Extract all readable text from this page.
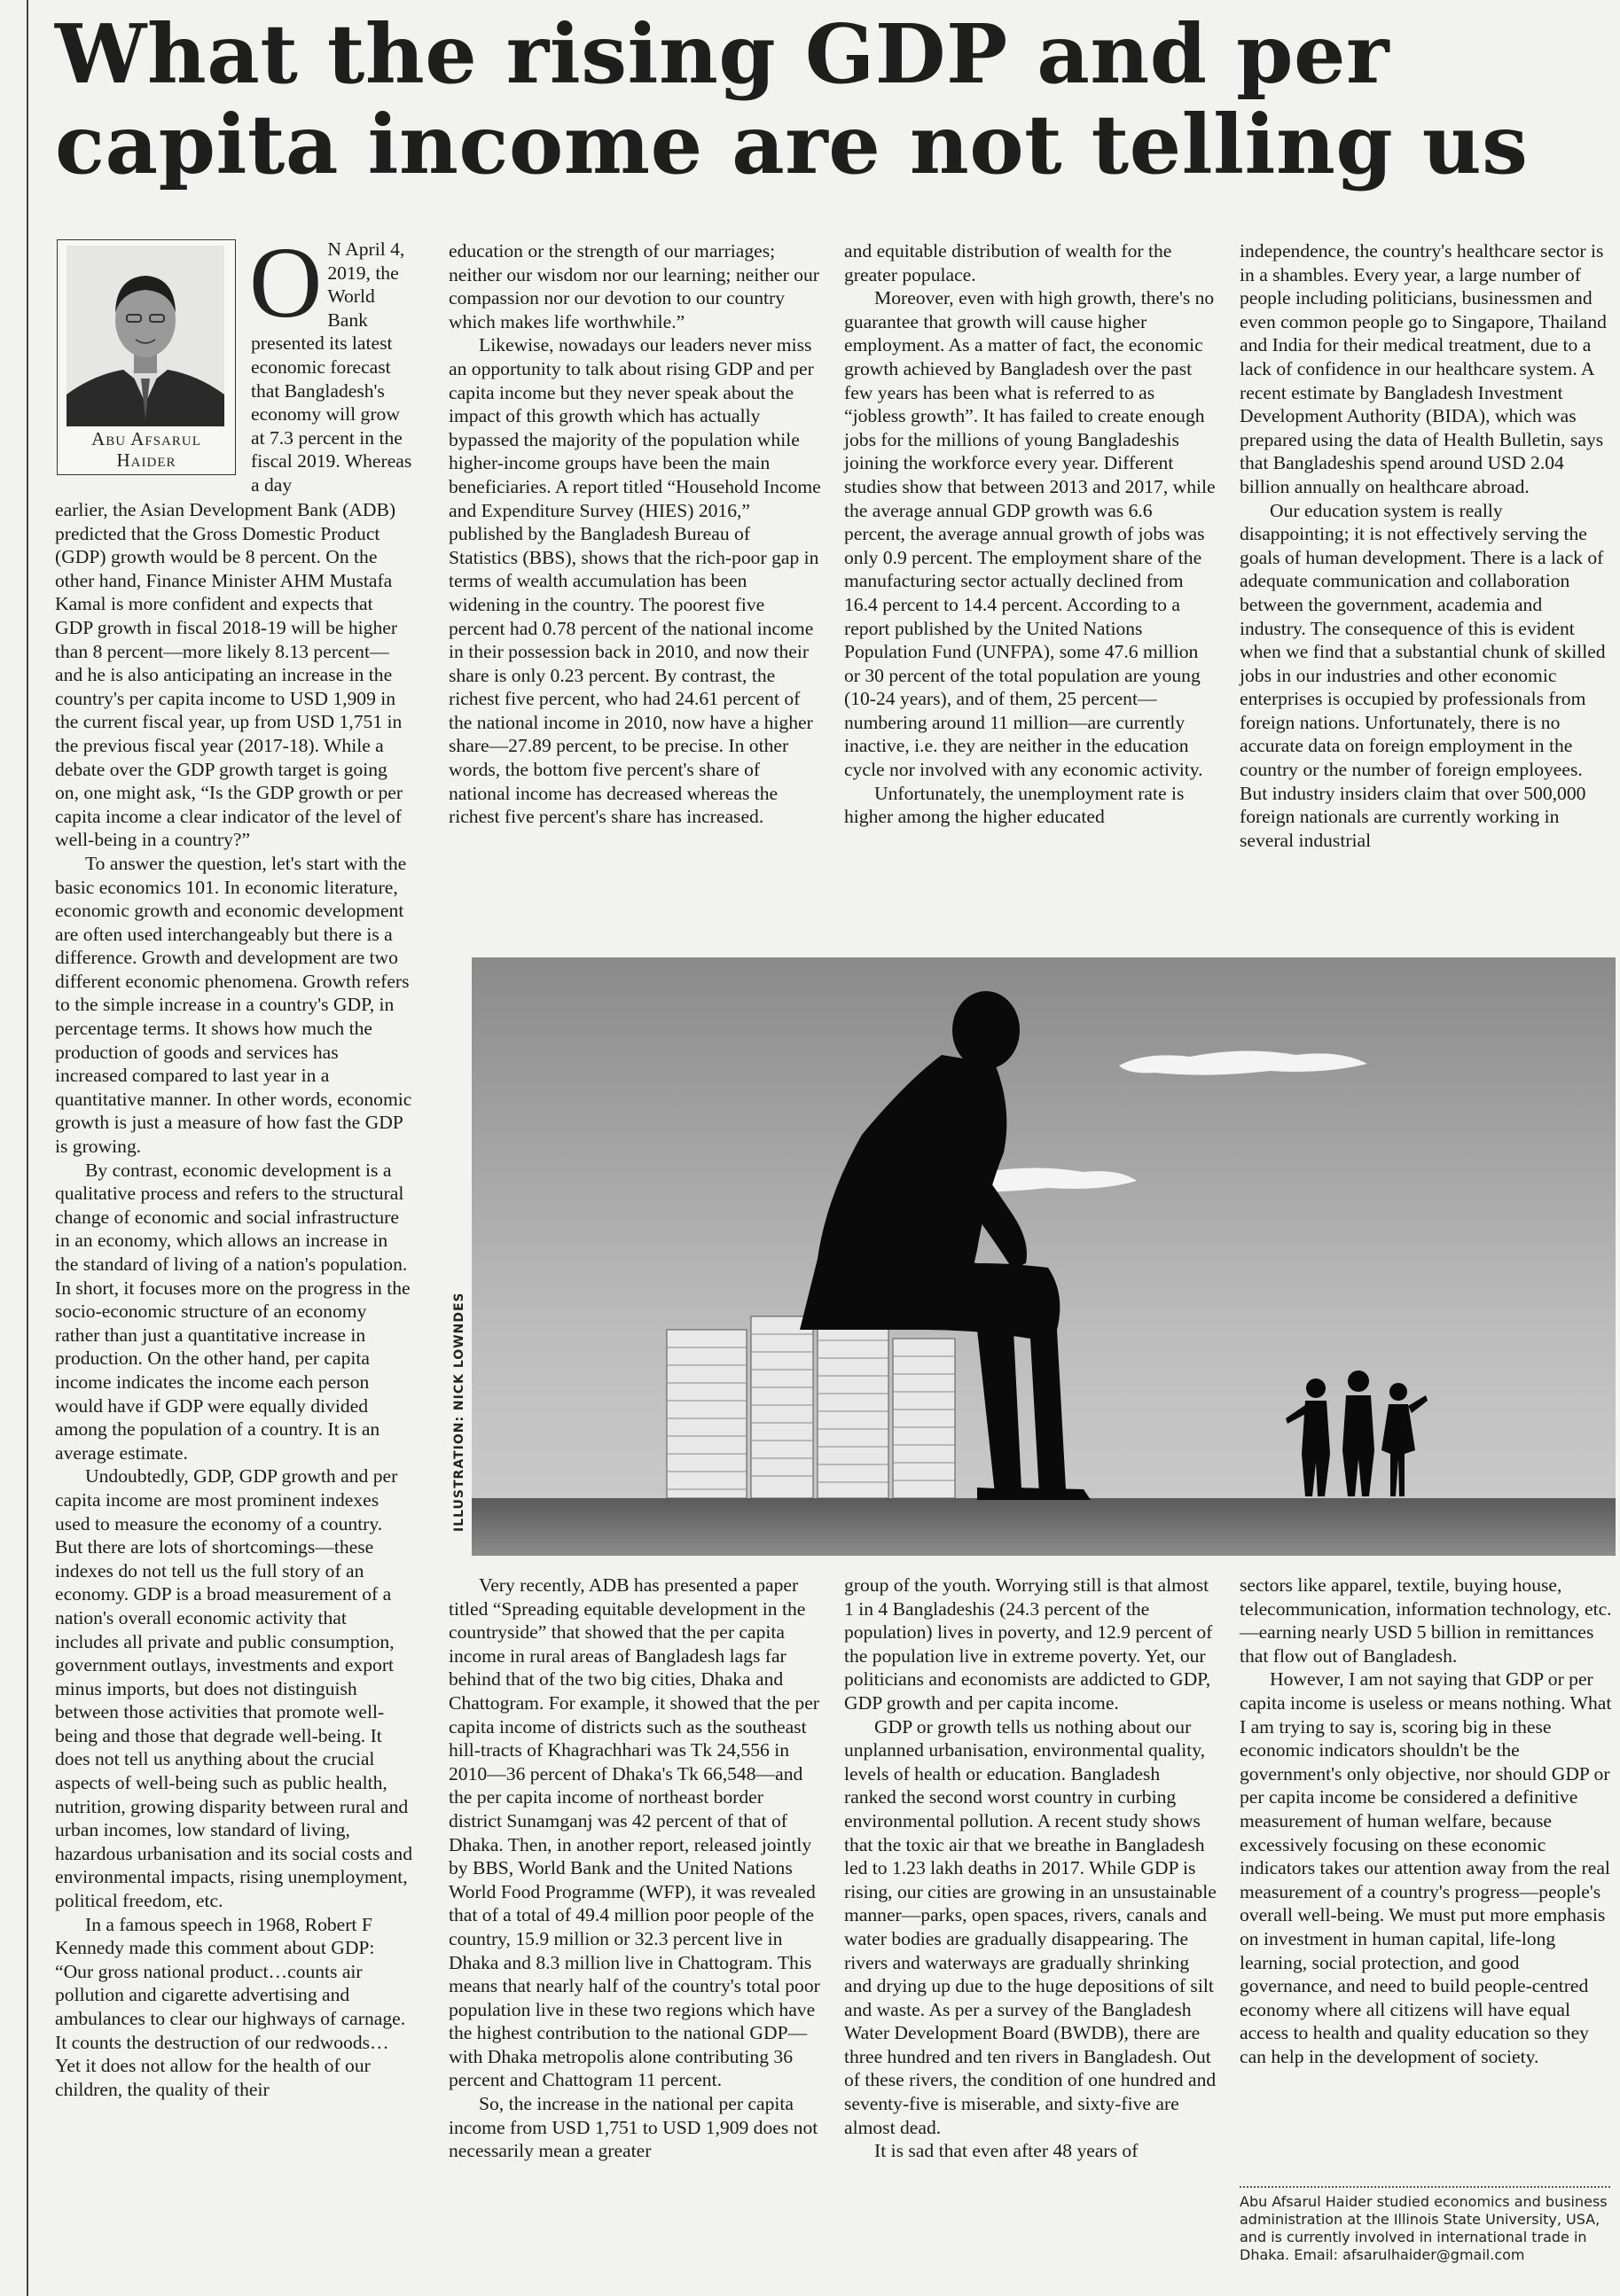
What the rising GDP and per capita income are not telling us
Abu Afsarul
Haider
O N April 4, 2019, the World Bank presented its latest economic forecast that Bangladesh's economy will grow at 7.3 percent in the fiscal 2019. Whereas a day

earlier, the Asian Development Bank (ADB) predicted that the Gross Domestic Product (GDP) growth would be 8 percent. On the other hand, Finance Minister AHM Mustafa Kamal is more confident and expects that GDP growth in fiscal 2018-19 will be higher than 8 percent—more likely 8.13 percent—and he is also anticipating an increase in the country's per capita income to USD 1,909 in the current fiscal year, up from USD 1,751 in the previous fiscal year (2017-18). While a debate over the GDP growth target is going on, one might ask, “Is the GDP growth or per capita income a clear indicator of the level of well-being in a country?”

To answer the question, let's start with the basic economics 101. In economic literature, economic growth and economic development are often used interchangeably but there is a difference. Growth and development are two different economic phenomena. Growth refers to the simple increase in a country's GDP, in percentage terms. It shows how much the production of goods and services has increased compared to last year in a quantitative manner. In other words, economic growth is just a measure of how fast the GDP is growing.

By contrast, economic development is a qualitative process and refers to the structural change of economic and social infrastructure in an economy, which allows an increase in the standard of living of a nation's population. In short, it focuses more on the progress in the socio-economic structure of an economy rather than just a quantitative increase in production. On the other hand, per capita income indicates the income each person would have if GDP were equally divided among the population of a country. It is an average estimate.

Undoubtedly, GDP, GDP growth and per capita income are most prominent indexes used to measure the economy of a country. But there are lots of shortcomings—these indexes do not tell us the full story of an economy. GDP is a broad measurement of a nation's overall economic activity that includes all private and public consumption, government outlays, investments and export minus imports, but does not distinguish between those activities that promote well-being and those that degrade well-being. It does not tell us anything about the crucial aspects of well-being such as public health, nutrition, growing disparity between rural and urban incomes, low standard of living, hazardous urbanisation and its social costs and environmental impacts, rising unemployment, political freedom, etc.

In a famous speech in 1968, Robert F Kennedy made this comment about GDP: “Our gross national product…counts air pollution and cigarette advertising and ambulances to clear our highways of carnage. It counts the destruction of our redwoods…Yet it does not allow for the health of our children, the quality of their

education or the strength of our marriages; neither our wisdom nor our learning; neither our compassion nor our devotion to our country which makes life worthwhile.”

Likewise, nowadays our leaders never miss an opportunity to talk about rising GDP and per capita income but they never speak about the impact of this growth which has actually bypassed the majority of the population while higher-income groups have been the main beneficiaries. A report titled “Household Income and Expenditure Survey (HIES) 2016,” published by the Bangladesh Bureau of Statistics (BBS), shows that the rich-poor gap in terms of wealth accumulation has been widening in the country. The poorest five percent had 0.78 percent of the national income in their possession back in 2010, and now their share is only 0.23 percent. By contrast, the richest five percent, who had 24.61 percent of the national income in 2010, now have a higher share—27.89 percent, to be precise. In other words, the bottom five percent's share of national income has decreased whereas the richest five percent's share has increased.

Very recently, ADB has presented a paper titled “Spreading equitable development in the countryside” that showed that the per capita income in rural areas of Bangladesh lags far behind that of the two big cities, Dhaka and Chattogram. For example, it showed that the per capita income of districts such as the southeast hill-tracts of Khagrachhari was Tk 24,556 in 2010—36 percent of Dhaka's Tk 66,548—and the per capita income of northeast border district Sunamganj was 42 percent of that of Dhaka. Then, in another report, released jointly by BBS, World Bank and the United Nations World Food Programme (WFP), it was revealed that of a total of 49.4 million poor people of the country, 15.9 million or 32.3 percent live in Dhaka and 8.3 million live in Chattogram. This means that nearly half of the country's total poor population live in these two regions which have the highest contribution to the national GDP—with Dhaka metropolis alone contributing 36 percent and Chattogram 11 percent.

So, the increase in the national per capita income from USD 1,751 to USD 1,909 does not necessarily mean a greater

and equitable distribution of wealth for the greater populace.

Moreover, even with high growth, there's no guarantee that growth will cause higher employment. As a matter of fact, the economic growth achieved by Bangladesh over the past few years has been what is referred to as “jobless growth”. It has failed to create enough jobs for the millions of young Bangladeshis joining the workforce every year. Different studies show that between 2013 and 2017, while the average annual GDP growth was 6.6 percent, the average annual growth of jobs was only 0.9 percent. The employment share of the manufacturing sector actually declined from 16.4 percent to 14.4 percent. According to a report published by the United Nations Population Fund (UNFPA), some 47.6 million or 30 percent of the total population are young (10-24 years), and of them, 25 percent—numbering around 11 million—are currently inactive, i.e. they are neither in the education cycle nor involved with any economic activity.

Unfortunately, the unemployment rate is higher among the higher educated

group of the youth. Worrying still is that almost 1 in 4 Bangladeshis (24.3 percent of the population) lives in poverty, and 12.9 percent of the population live in extreme poverty. Yet, our politicians and economists are addicted to GDP, GDP growth and per capita income.

GDP or growth tells us nothing about our unplanned urbanisation, environmental quality, levels of health or education. Bangladesh ranked the second worst country in curbing environmental pollution. A recent study shows that the toxic air that we breathe in Bangladesh led to 1.23 lakh deaths in 2017. While GDP is rising, our cities are growing in an unsustainable manner—parks, open spaces, rivers, canals and water bodies are gradually disappearing. The rivers and waterways are gradually shrinking and drying up due to the huge depositions of silt and waste. As per a survey of the Bangladesh Water Development Board (BWDB), there are three hundred and ten rivers in Bangladesh. Out of these rivers, the condition of one hundred and seventy-five is miserable, and sixty-five are almost dead.

It is sad that even after 48 years of

independence, the country's healthcare sector is in a shambles. Every year, a large number of people including politicians, businessmen and even common people go to Singapore, Thailand and India for their medical treatment, due to a lack of confidence in our healthcare system. A recent estimate by Bangladesh Investment Development Authority (BIDA), which was prepared using the data of Health Bulletin, says that Bangladeshis spend around USD 2.04 billion annually on healthcare abroad.

Our education system is really disappointing; it is not effectively serving the goals of human development. There is a lack of adequate communication and collaboration between the government, academia and industry. The consequence of this is evident when we find that a substantial chunk of skilled jobs in our industries and other economic enterprises is occupied by professionals from foreign nations. Unfortunately, there is no accurate data on foreign employment in the country or the number of foreign employees. But industry insiders claim that over 500,000 foreign nationals are currently working in several industrial

sectors like apparel, textile, buying house, telecommunication, information technology, etc.—earning nearly USD 5 billion in remittances that flow out of Bangladesh.

However, I am not saying that GDP or per capita income is useless or means nothing. What I am trying to say is, scoring big in these economic indicators shouldn't be the government's only objective, nor should GDP or per capita income be considered a definitive measurement of human welfare, because excessively focusing on these economic indicators takes our attention away from the real measurement of a country's progress—people's overall well-being. We must put more emphasis on investment in human capital, life-long learning, social protection, and good governance, and need to build people-centred economy where all citizens will have equal access to health and quality education so they can help in the development of society.

Abu Afsarul Haider studied economics and business administration at the Illinois State University, USA, and is currently involved in international trade in Dhaka. Email: afsarulhaider@gmail.com
ILLUSTRATION: NICK LOWNDES
